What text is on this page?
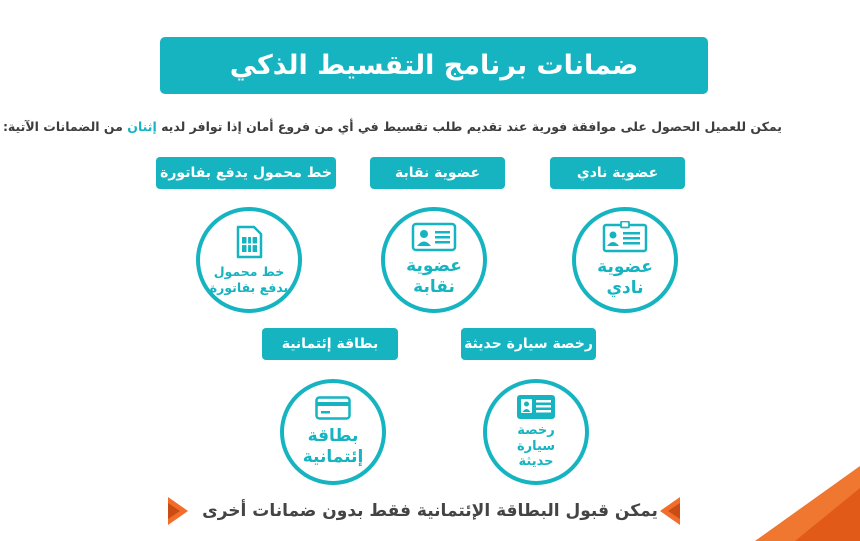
ضمانات برنامج التقسيط الذكي
يمكن للعميل الحصول على موافقة فورية عند تقديم طلب تقسيط في أي من فروع أمان إذا توافر لديه إثنان من الضمانات الآتية:
عضوية نادي
عضوية نقابة
خط محمول يدفع بفاتورة
عضوية
نادي
عضوية
نقابة
خط محمول
يدفع بفاتورة
رخصة سيارة حديثة
بطاقة إئتمانية
رخصة
سيارة
حديثة
بطاقة
إئتمانية
يمكن قبول البطاقة الإئتمانية فقط بدون ضمانات أخرى
